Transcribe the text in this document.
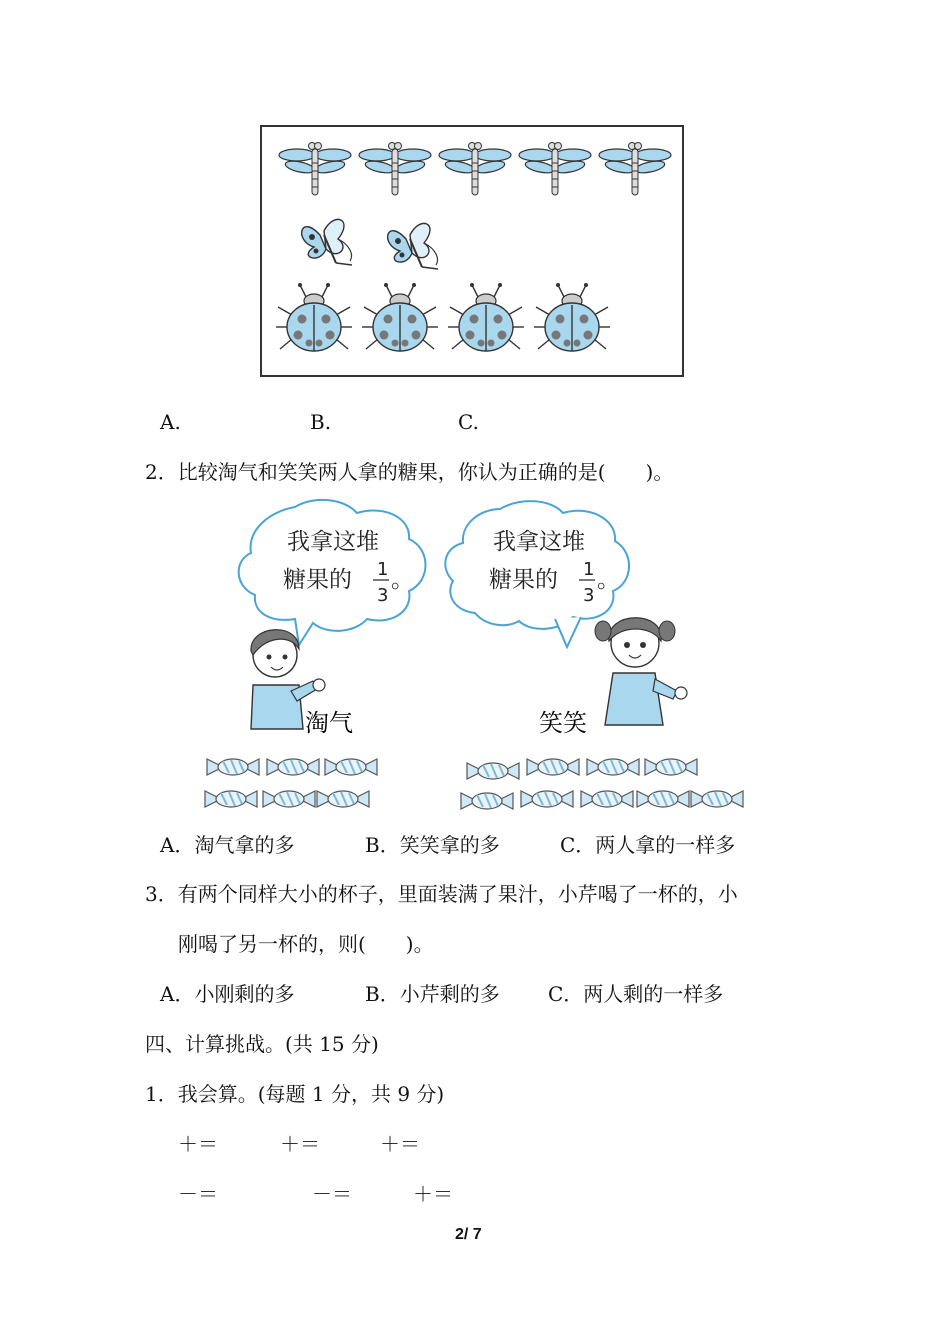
A.	B.	C.
2．比较淘气和笑笑两人拿的糖果，你认为正确的是(　　)。
我拿这堆
糖果的 1
3
。
我拿这堆
糖果的 1
3
。
淘气	笑笑
A．淘气拿的多	B．笑笑拿的多	C．两人拿的一样多
3．有两个同样大小的杯子，里面装满了果汁，小芹喝了一杯的，小
刚喝了另一杯的，则(　　)。
A．小刚剩的多	B．小芹剩的多 C．两人剩的一样多
四、计算挑战。(共 15 分)
1．我会算。(每题 1 分，共 9 分)
＋＝	＋＝	＋＝
－＝	－＝	＋＝
2/ 7
